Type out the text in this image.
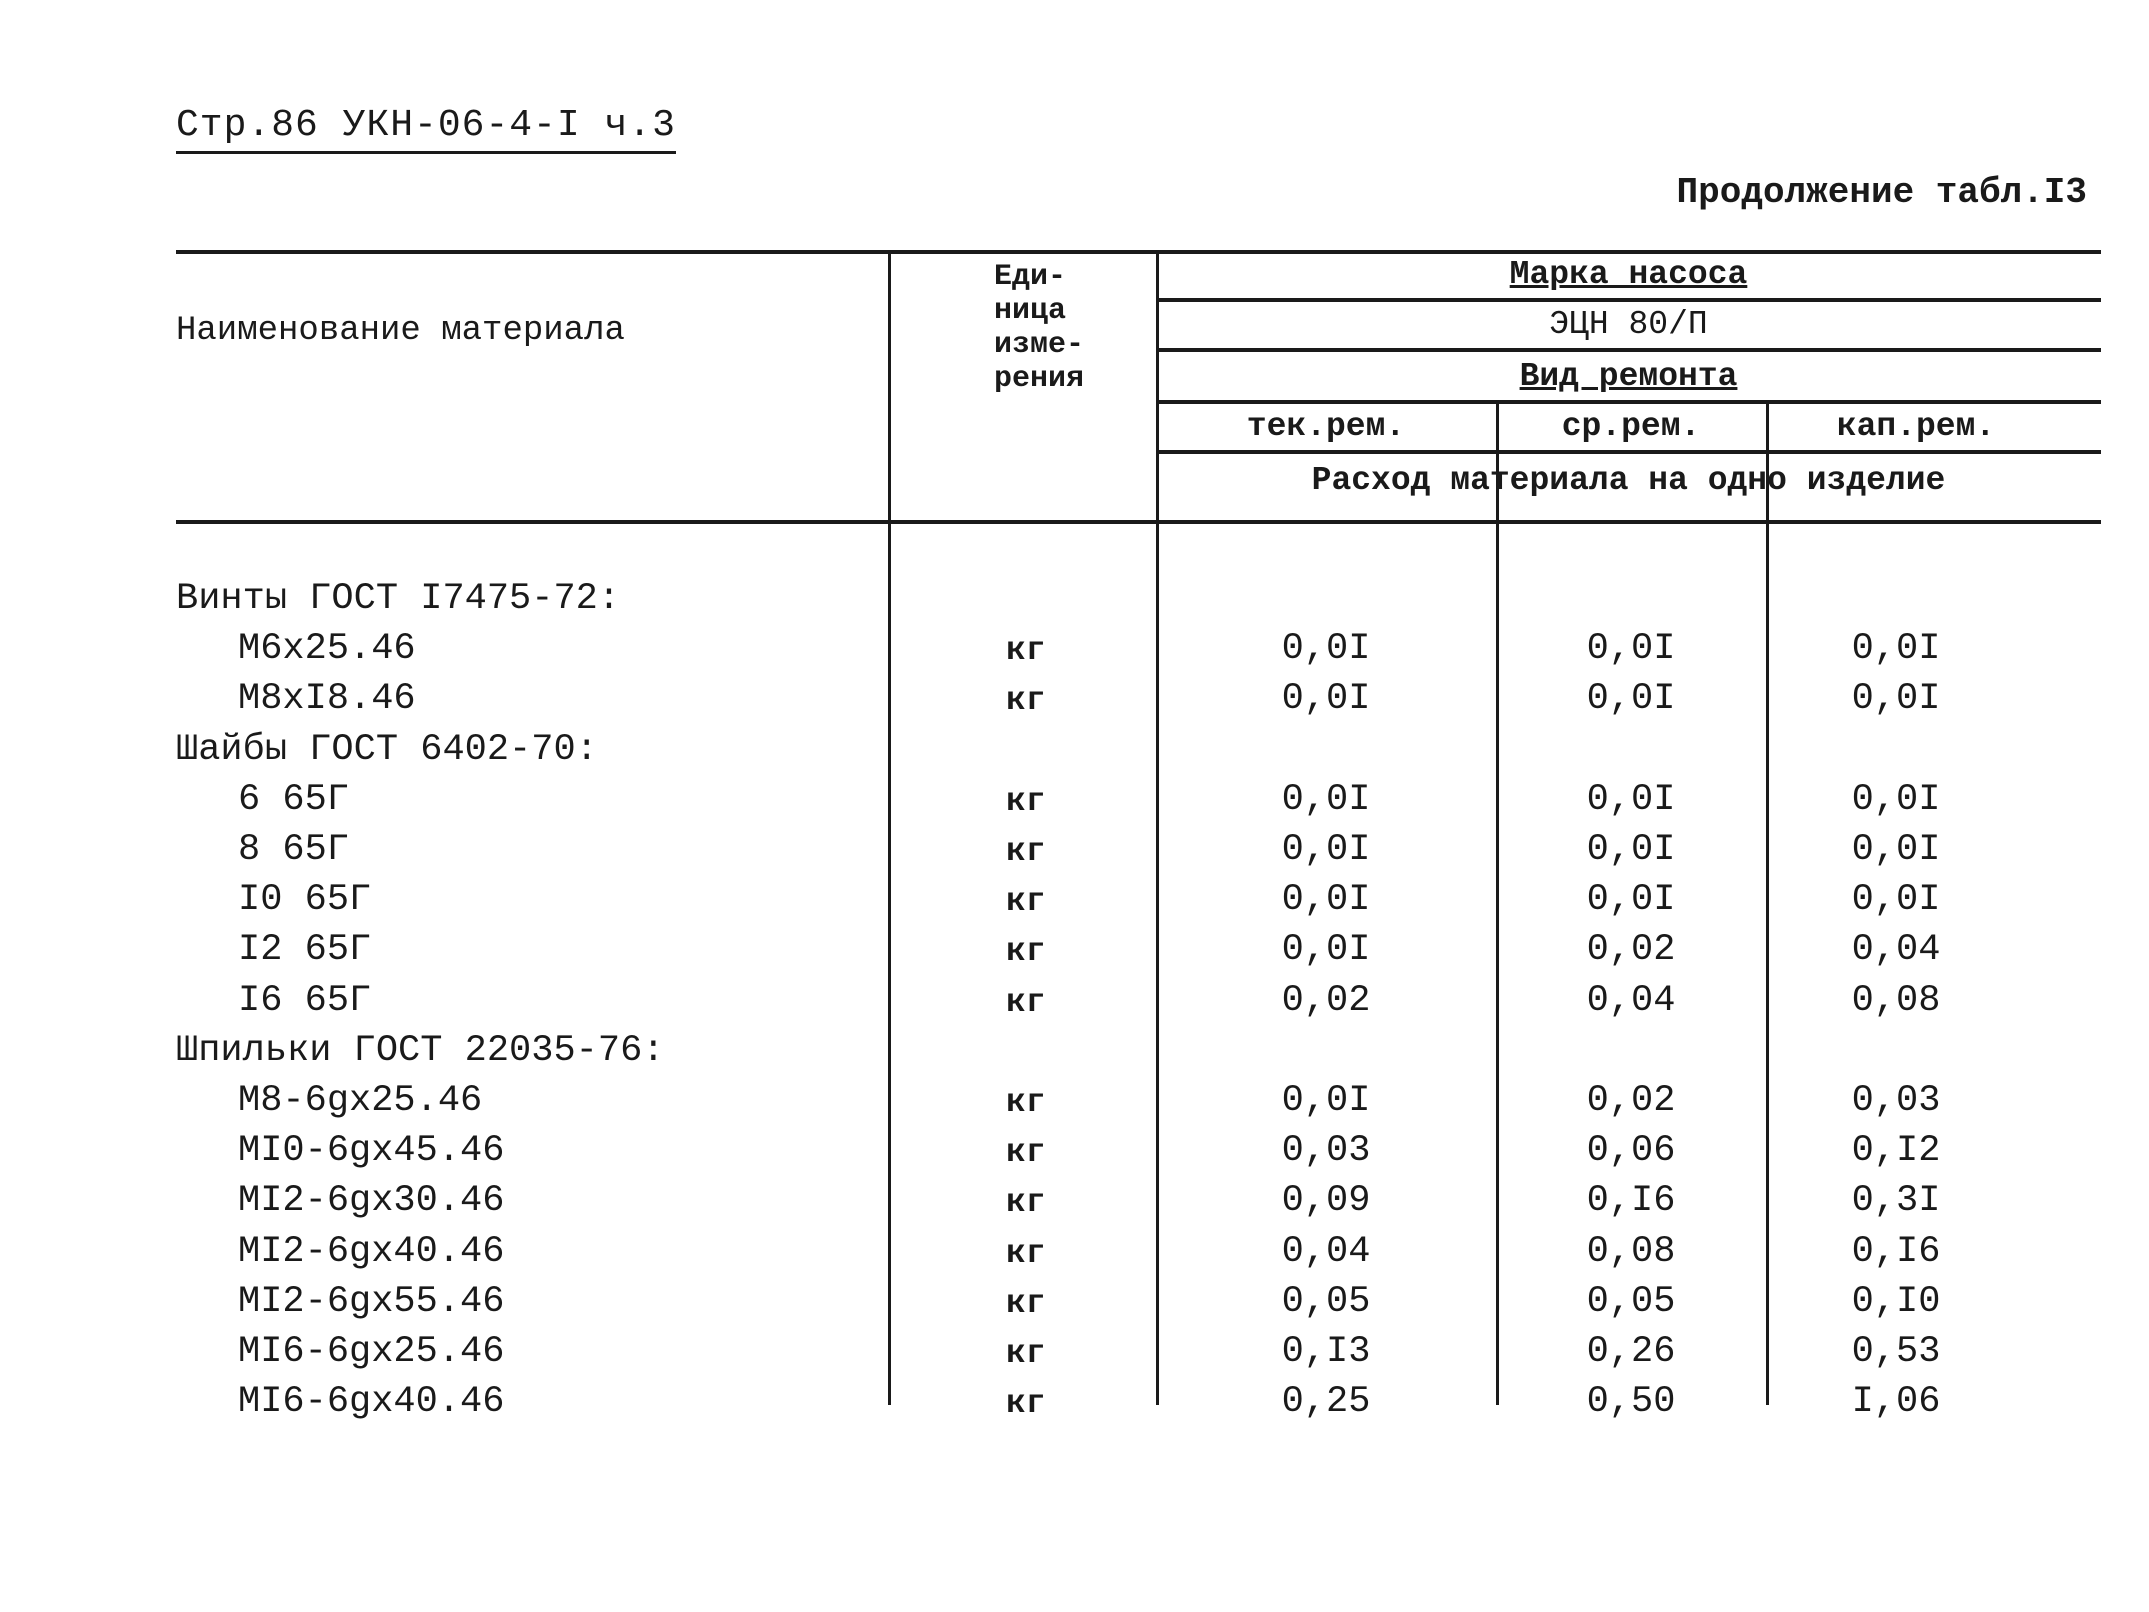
Стр.86 УКН-06-4-I ч.3
Продолжение табл.I3
Наименование материала
Еди-
ница
изме-
рения
Марка насоса
ЭЦН 80/П
Вид ремонта
тек.рем.	ср.рем.	кап.рем.
Расход материала на одно изделие
Винты ГОСТ I7475-72:
М6х25.46	кг	0,0I	0,0I	0,0I
М8хI8.46	кг	0,0I	0,0I	0,0I
Шайбы ГОСТ 6402-70:
6 65Г	кг	0,0I	0,0I	0,0I
8 65Г	кг	0,0I	0,0I	0,0I
I0 65Г	кг	0,0I	0,0I	0,0I
I2 65Г	кг	0,0I	0,02	0,04
I6 65Г	кг	0,02	0,04	0,08
Шпильки ГОСТ 22035-76:
М8-6gх25.46	кг	0,0I	0,02	0,03
МI0-6gх45.46	кг	0,03	0,06	0,I2
МI2-6gх30.46	кг	0,09	0,I6	0,3I
МI2-6gх40.46	кг	0,04	0,08	0,I6
МI2-6gх55.46	кг	0,05	0,05	0,I0
МI6-6gх25.46	кг	0,I3	0,26	0,53
МI6-6gх40.46	кг	0,25	0,50	I,06
